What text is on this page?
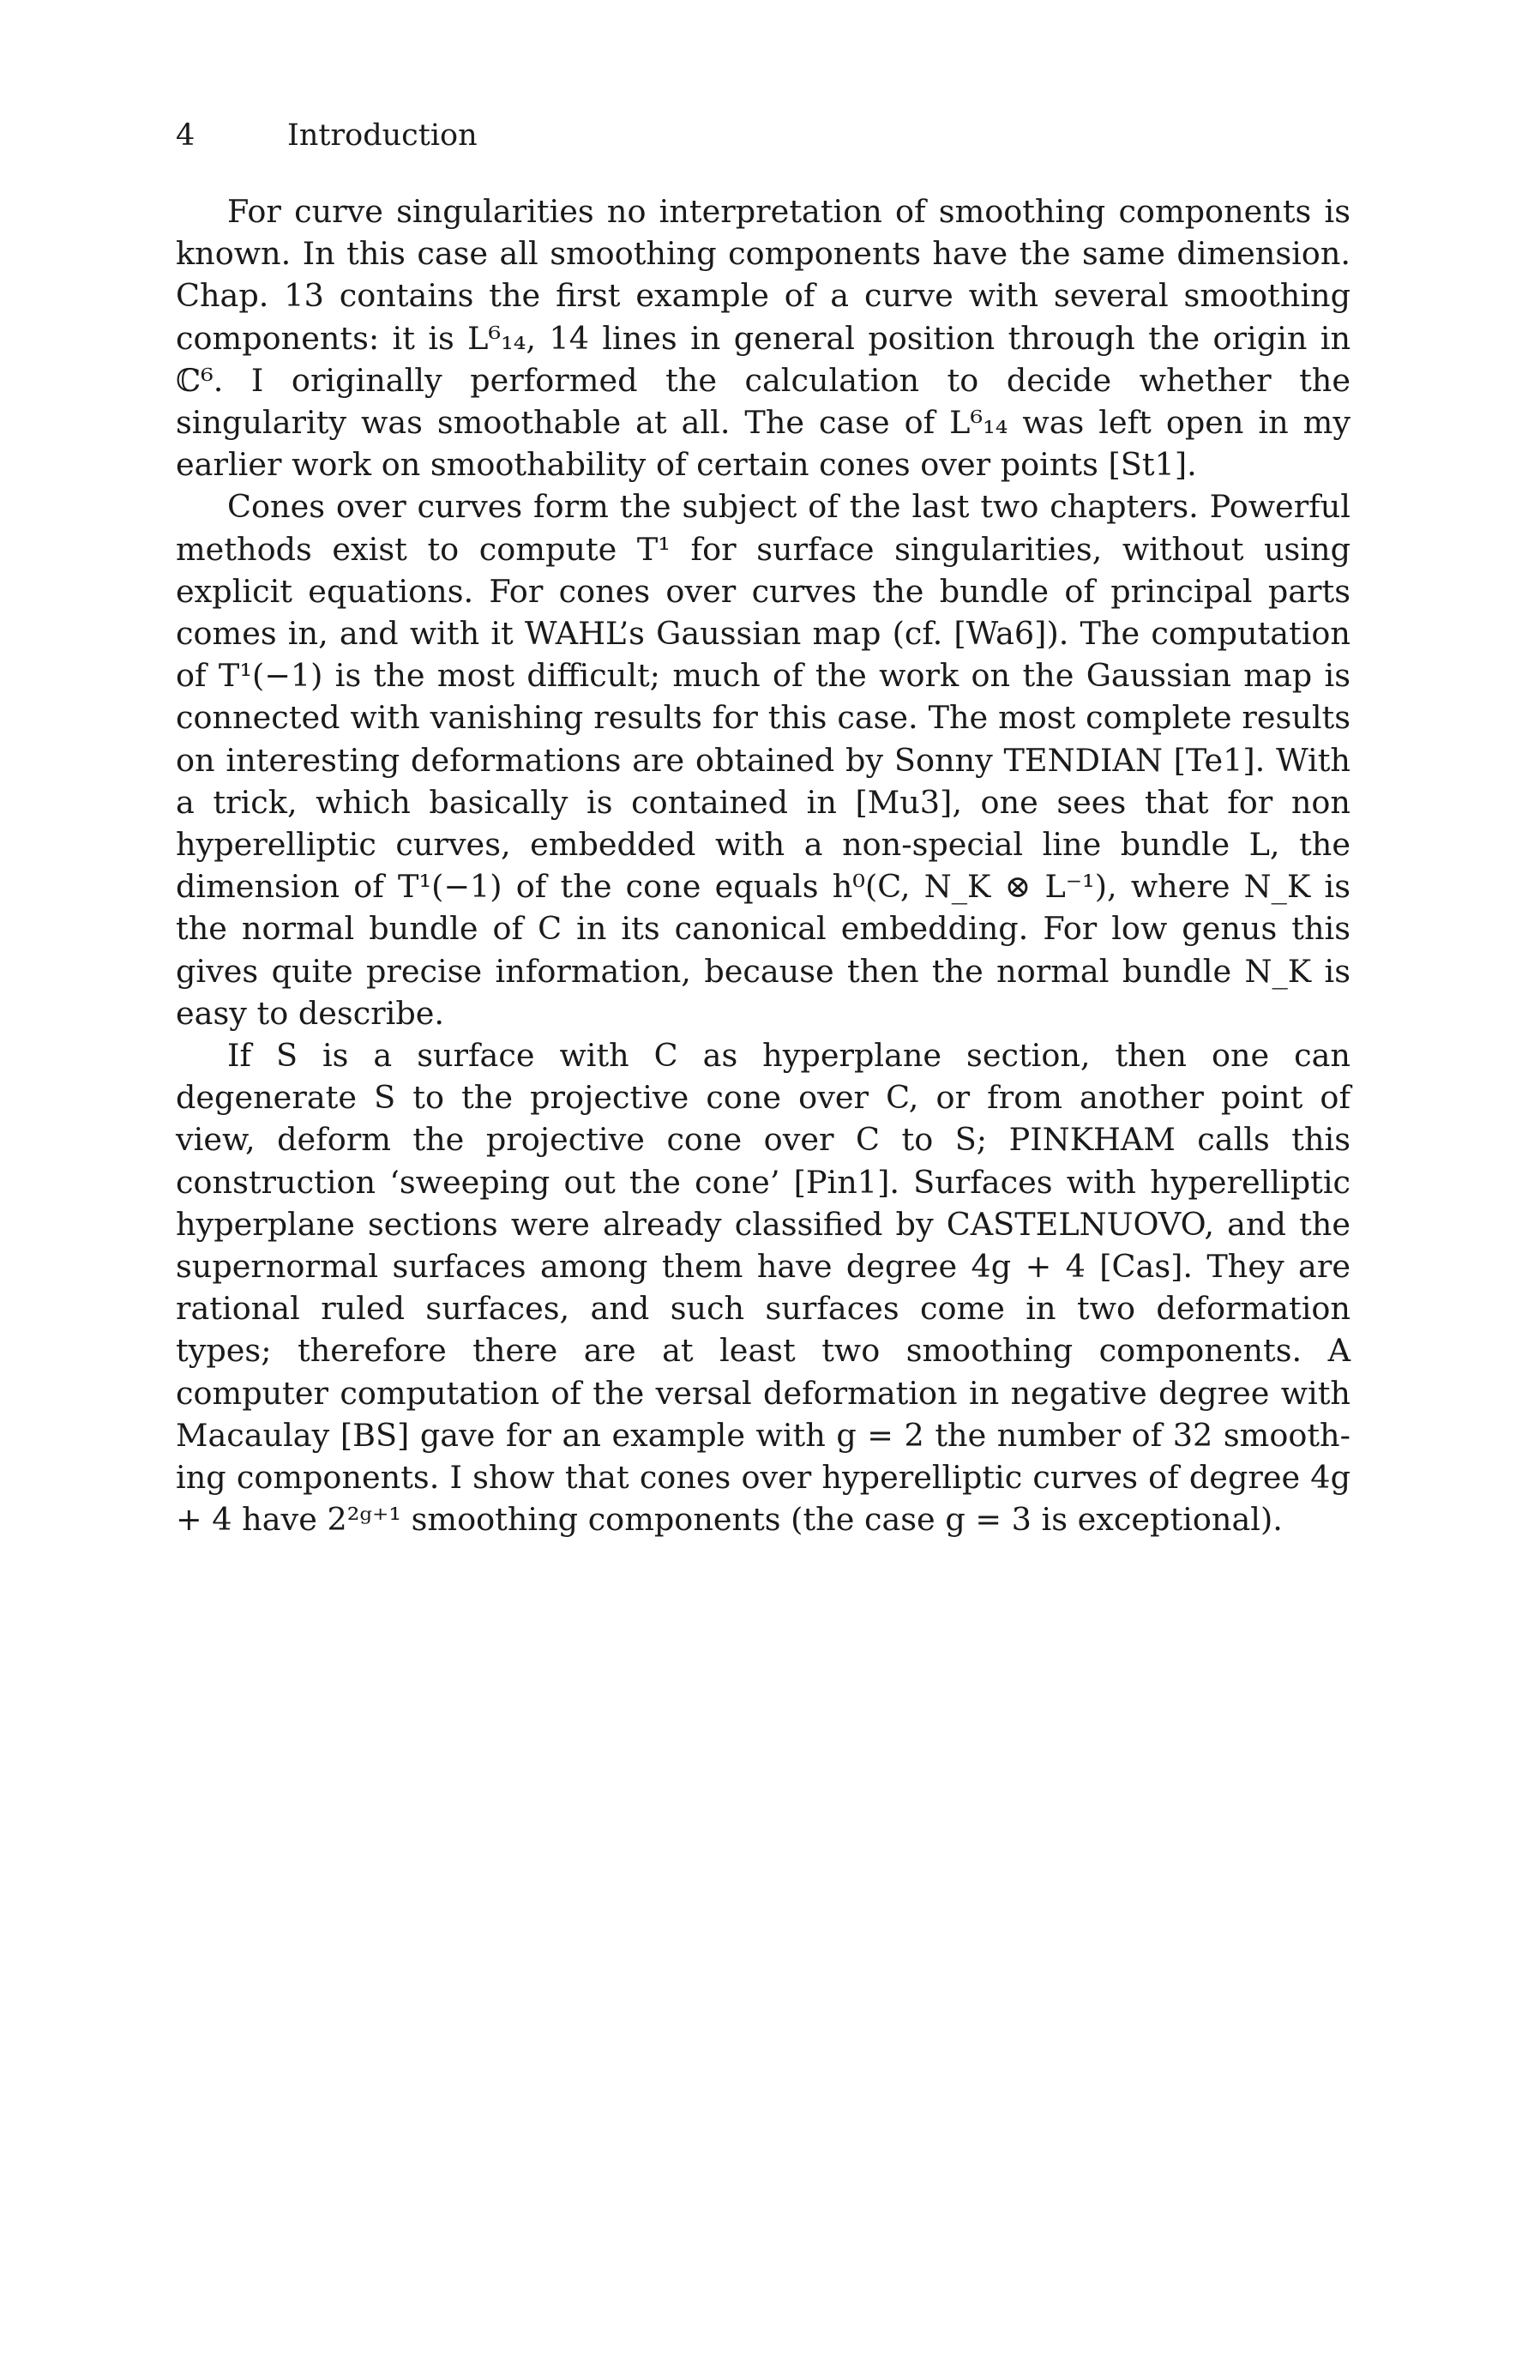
4	Introduction

For curve singularities no interpretation of smoothing components is known. In this case all smoothing components have the same dimension. Chap. 13 contains the first example of a curve with several smoothing components: it is L⁶₁₄, 14 lines in general position through the origin in ℂ⁶. I originally performed the calculation to decide whether the singularity was smoothable at all. The case of L⁶₁₄ was left open in my earlier work on smoothability of certain cones over points [St1].

Cones over curves form the subject of the last two chapters. Powerful methods exist to compute T¹ for surface singularities, without using explicit equations. For cones over curves the bundle of principal parts comes in, and with it WAHL’s Gaussian map (cf. [Wa6]). The computation of T¹(−1) is the most difficult; much of the work on the Gaussian map is connected with vanishing results for this case. The most complete results on interesting deformations are obtained by Sonny TENDIAN [Te1]. With a trick, which basically is contained in [Mu3], one sees that for non hyperelliptic curves, embedded with a non-special line bundle L, the dimension of T¹(−1) of the cone equals h⁰(C, N_K ⊗ L⁻¹), where N_K is the normal bundle of C in its canonical embedding. For low genus this gives quite precise information, because then the normal bundle N_K is easy to describe.

If S is a surface with C as hyperplane section, then one can degenerate S to the projective cone over C, or from another point of view, deform the projective cone over C to S; PINKHAM calls this construction ‘sweeping out the cone’ [Pin1]. Surfaces with hyperelliptic hyperplane sections were already classified by CASTELNUOVO, and the supernormal surfaces among them have degree 4g + 4 [Cas]. They are rational ruled surfaces, and such surfaces come in two deformation types; therefore there are at least two smoothing components. A computer computation of the versal deformation in negative degree with Macaulay [BS] gave for an example with g = 2 the number of 32 smoothing components. I show that cones over hyperelliptic curves of degree 4g + 4 have 2²ᵍ⁺¹ smoothing components (the case g = 3 is exceptional).
